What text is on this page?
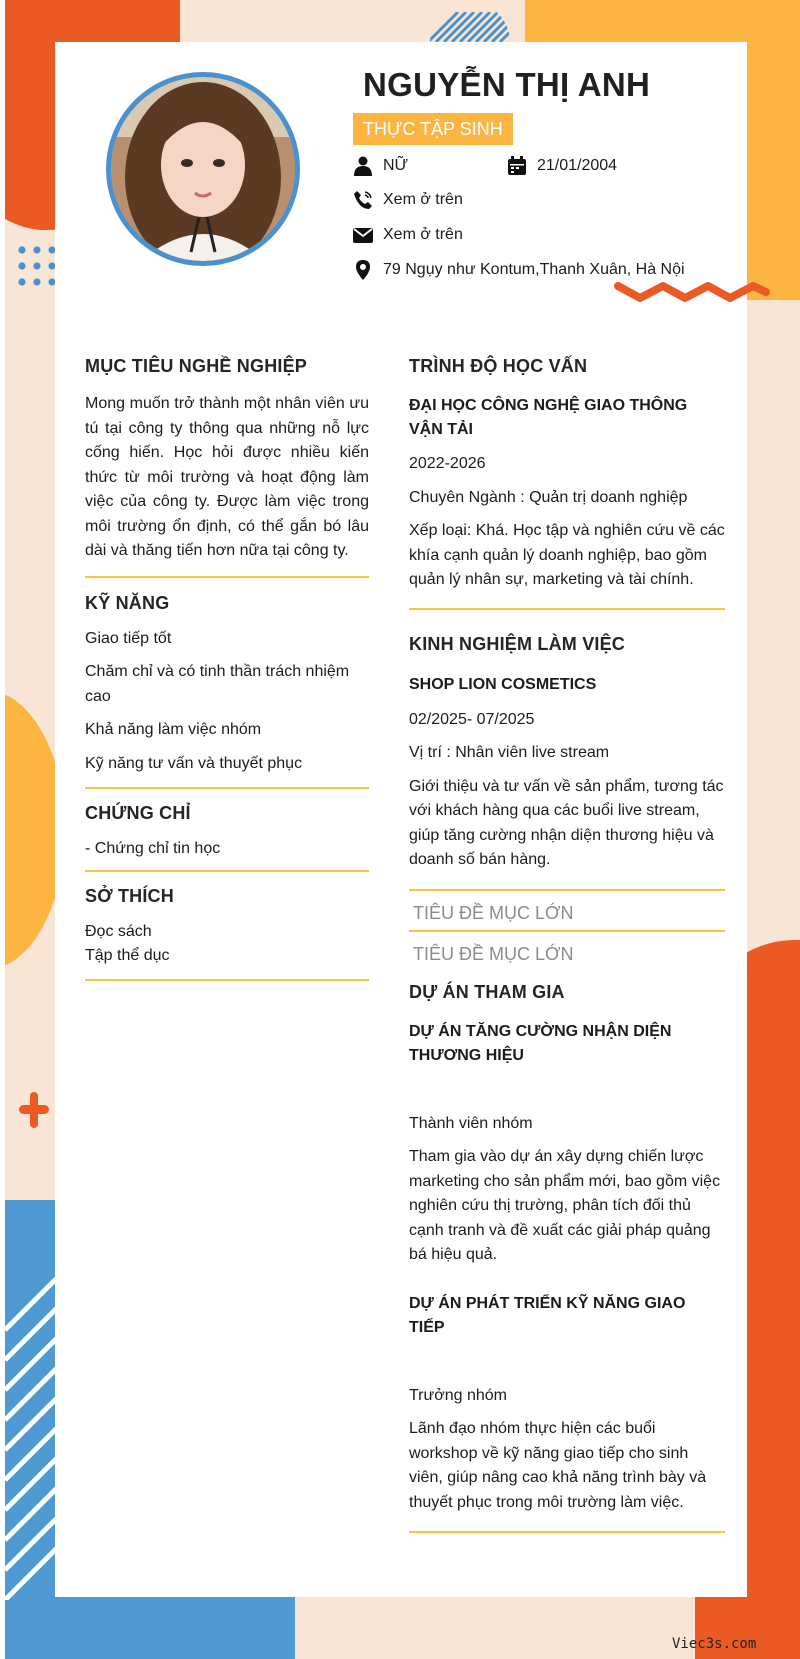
NGUYỄN THỊ ANH
THỰC TẬP SINH
NỮ	21/01/2004
Xem ở trên
Xem ở trên
79 Ngụy như Kontum,Thanh Xuân, Hà Nội
MỤC TIÊU NGHỀ NGHIỆP
Mong muốn trở thành một nhân viên ưu tú tại công ty thông qua những nỗ lực cống hiến. Học hỏi được nhiều kiến thức từ môi trường và hoạt động làm việc của công ty. Được làm việc trong môi trường ổn định, có thể gắn bó lâu dài và thăng tiến hơn nữa tại công ty.
KỸ NĂNG
Giao tiếp tốt
Chăm chỉ và có tinh thần trách nhiệm cao
Khả năng làm việc nhóm
Kỹ năng tư vấn và thuyết phục
CHỨNG CHỈ
- Chứng chỉ tin học
SỞ THÍCH
Đọc sách
Tập thể dục
TRÌNH ĐỘ HỌC VẤN
ĐẠI HỌC CÔNG NGHỆ GIAO THÔNG VẬN TẢI
2022-2026
Chuyên Ngành : Quản trị doanh nghiệp
Xếp loại: Khá. Học tập và nghiên cứu về các khía cạnh quản lý doanh nghiệp, bao gồm quản lý nhân sự, marketing và tài chính.
KINH NGHIỆM LÀM VIỆC
SHOP LION COSMETICS
02/2025- 07/2025
Vị trí : Nhân viên live stream
Giới thiệu và tư vấn về sản phẩm, tương tác với khách hàng qua các buổi live stream, giúp tăng cường nhận diện thương hiệu và doanh số bán hàng.
TIÊU ĐỀ MỤC LỚN
TIÊU ĐỀ MỤC LỚN
DỰ ÁN THAM GIA
DỰ ÁN TĂNG CƯỜNG NHẬN DIỆN THƯƠNG HIỆU
Thành viên nhóm
Tham gia vào dự án xây dựng chiến lược marketing cho sản phẩm mới, bao gồm việc nghiên cứu thị trường, phân tích đối thủ cạnh tranh và đề xuất các giải pháp quảng bá hiệu quả.
DỰ ÁN PHÁT TRIỂN KỸ NĂNG GIAO TIẾP
Trưởng nhóm
Lãnh đạo nhóm thực hiện các buổi workshop về kỹ năng giao tiếp cho sinh viên, giúp nâng cao khả năng trình bày và thuyết phục trong môi trường làm việc.
Viec3s.com
